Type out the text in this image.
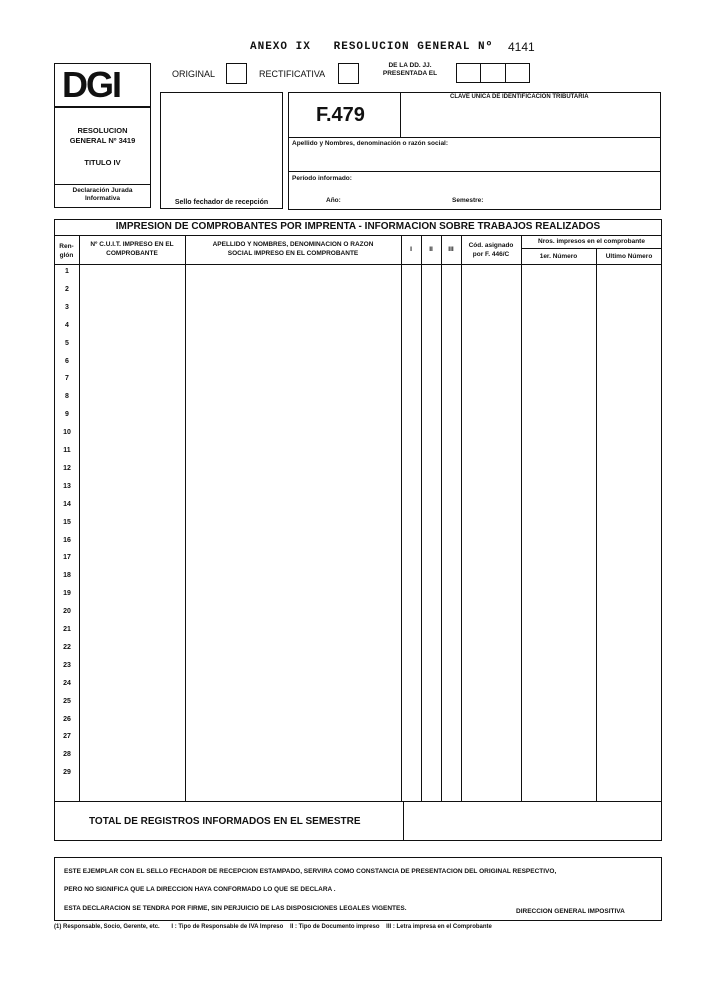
ANEXO IX RESOLUCION GENERAL Nº 4141
DGI	ORIGINAL	RECTIFICATIVA
DE LA DD. JJ.
PRESENTADA EL
RESOLUCION
GENERAL Nº 3419
TITULO IV
Declaración Jurada
Informativa
Sello fechador de recepción
F.479
CLAVE UNICA DE IDENTIFICACION TRIBUTARIA
Apellido y Nombres, denominación o razón social:
Período informado:
Año:	Semestre:
IMPRESION DE COMPROBANTES POR IMPRENTA - INFORMACION SOBRE TRABAJOS REALIZADOS
Ren-
glón
Nº C.U.I.T. IMPRESO EN EL
COMPROBANTE
APELLIDO Y NOMBRES, DENOMINACION O RAZON
SOCIAL IMPRESO EN EL COMPROBANTE
I	II	III
Cód. asignado
por F. 446/C
Nros. impresos en el comprobante
1er. Número	Ultimo Número
1
2
3
4
5
6
7
8
9
10
11
12
13
14
15
16
17
18
19
20
21
22
23
24
25
26
27
28
29
TOTAL DE REGISTROS INFORMADOS EN EL SEMESTRE
ESTE EJEMPLAR CON EL SELLO FECHADOR DE RECEPCION ESTAMPADO, SERVIRA COMO CONSTANCIA DE PRESENTACION DEL ORIGINAL RESPECTIVO,
PERO NO SIGNIFICA QUE LA DIRECCION HAYA CONFORMADO LO QUE SE DECLARA .
ESTA DECLARACION SE TENDRA POR FIRME, SIN PERJUICIO DE LAS DISPOSICIONES LEGALES VIGENTES.	DIRECCION GENERAL IMPOSITIVA
(1) Responsable, Socio, Gerente, etc.       I : Tipo de Responsable de IVA Impreso    II : Tipo de Documento impreso    III : Letra impresa en el Comprobante
